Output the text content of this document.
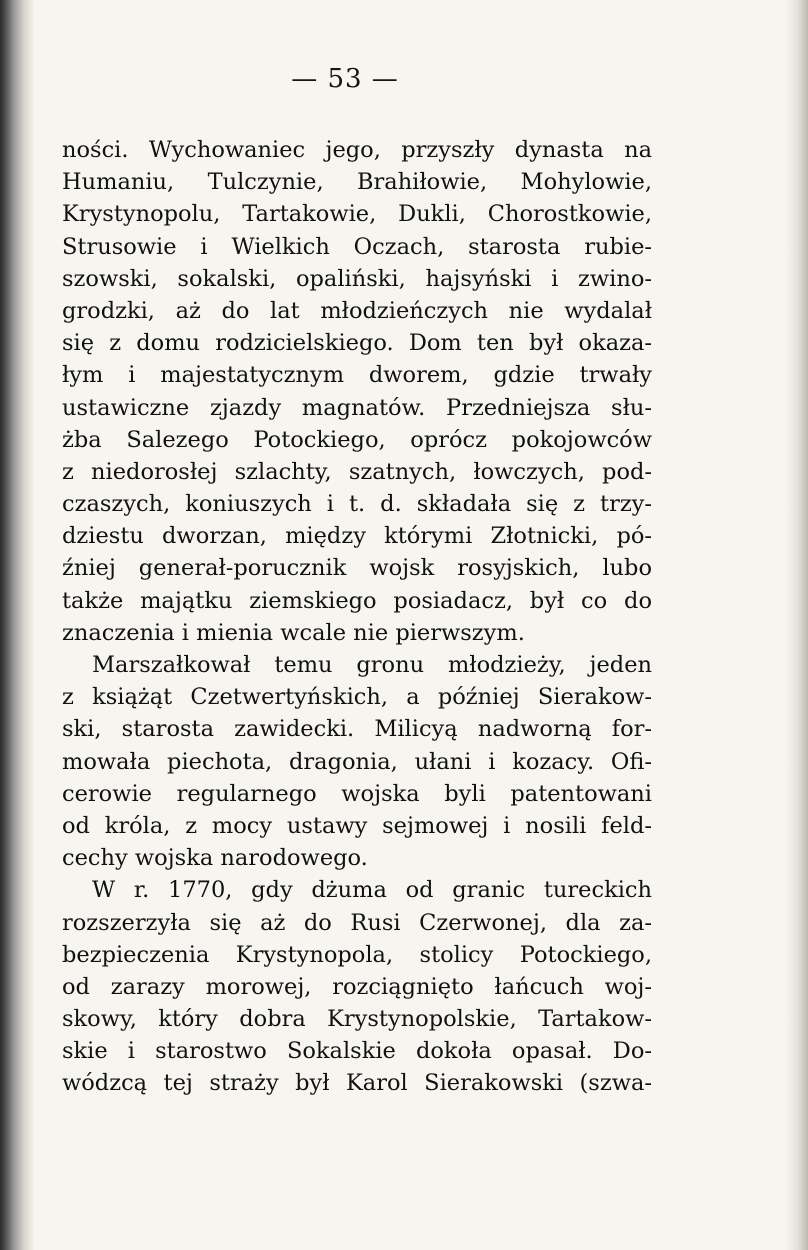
— 53 —
ności. Wychowaniec jego, przyszły dynasta na
Humaniu, Tulczynie, Brahiłowie, Mohylowie,
Krystynopolu, Tartakowie, Dukli, Chorostkowie,
Strusowie i Wielkich Oczach, starosta rubie-
szowski, sokalski, opaliński, hajsyński i zwino-
grodzki, aż do lat młodzieńczych nie wydalał
się z domu rodzicielskiego. Dom ten był okaza-
łym i majestatycznym dworem, gdzie trwały
ustawiczne zjazdy magnatów. Przedniejsza słu-
żba Salezego Potockiego, oprócz pokojowców
z niedorosłej szlachty, szatnych, łowczych, pod-
czaszych, koniuszych i t. d. składała się z trzy-
dziestu dworzan, między którymi Złotnicki, pó-
źniej generał-porucznik wojsk rosyjskich, lubo
także majątku ziemskiego posiadacz, był co do
znaczenia i mienia wcale nie pierwszym.
Marszałkował temu gronu młodzieży, jeden
z książąt Czetwertyńskich, a później Sierakow-
ski, starosta zawidecki. Milicyą nadworną for-
mowała piechota, dragonia, ułani i kozacy. Ofi-
cerowie regularnego wojska byli patentowani
od króla, z mocy ustawy sejmowej i nosili feld-
cechy wojska narodowego.
W r. 1770, gdy dżuma od granic tureckich
rozszerzyła się aż do Rusi Czerwonej, dla za-
bezpieczenia Krystynopola, stolicy Potockiego,
od zarazy morowej, rozciągnięto łańcuch woj-
skowy, który dobra Krystynopolskie, Tartakow-
skie i starostwo Sokalskie dokoła opasał. Do-
wódzcą tej straży był Karol Sierakowski (szwa-
